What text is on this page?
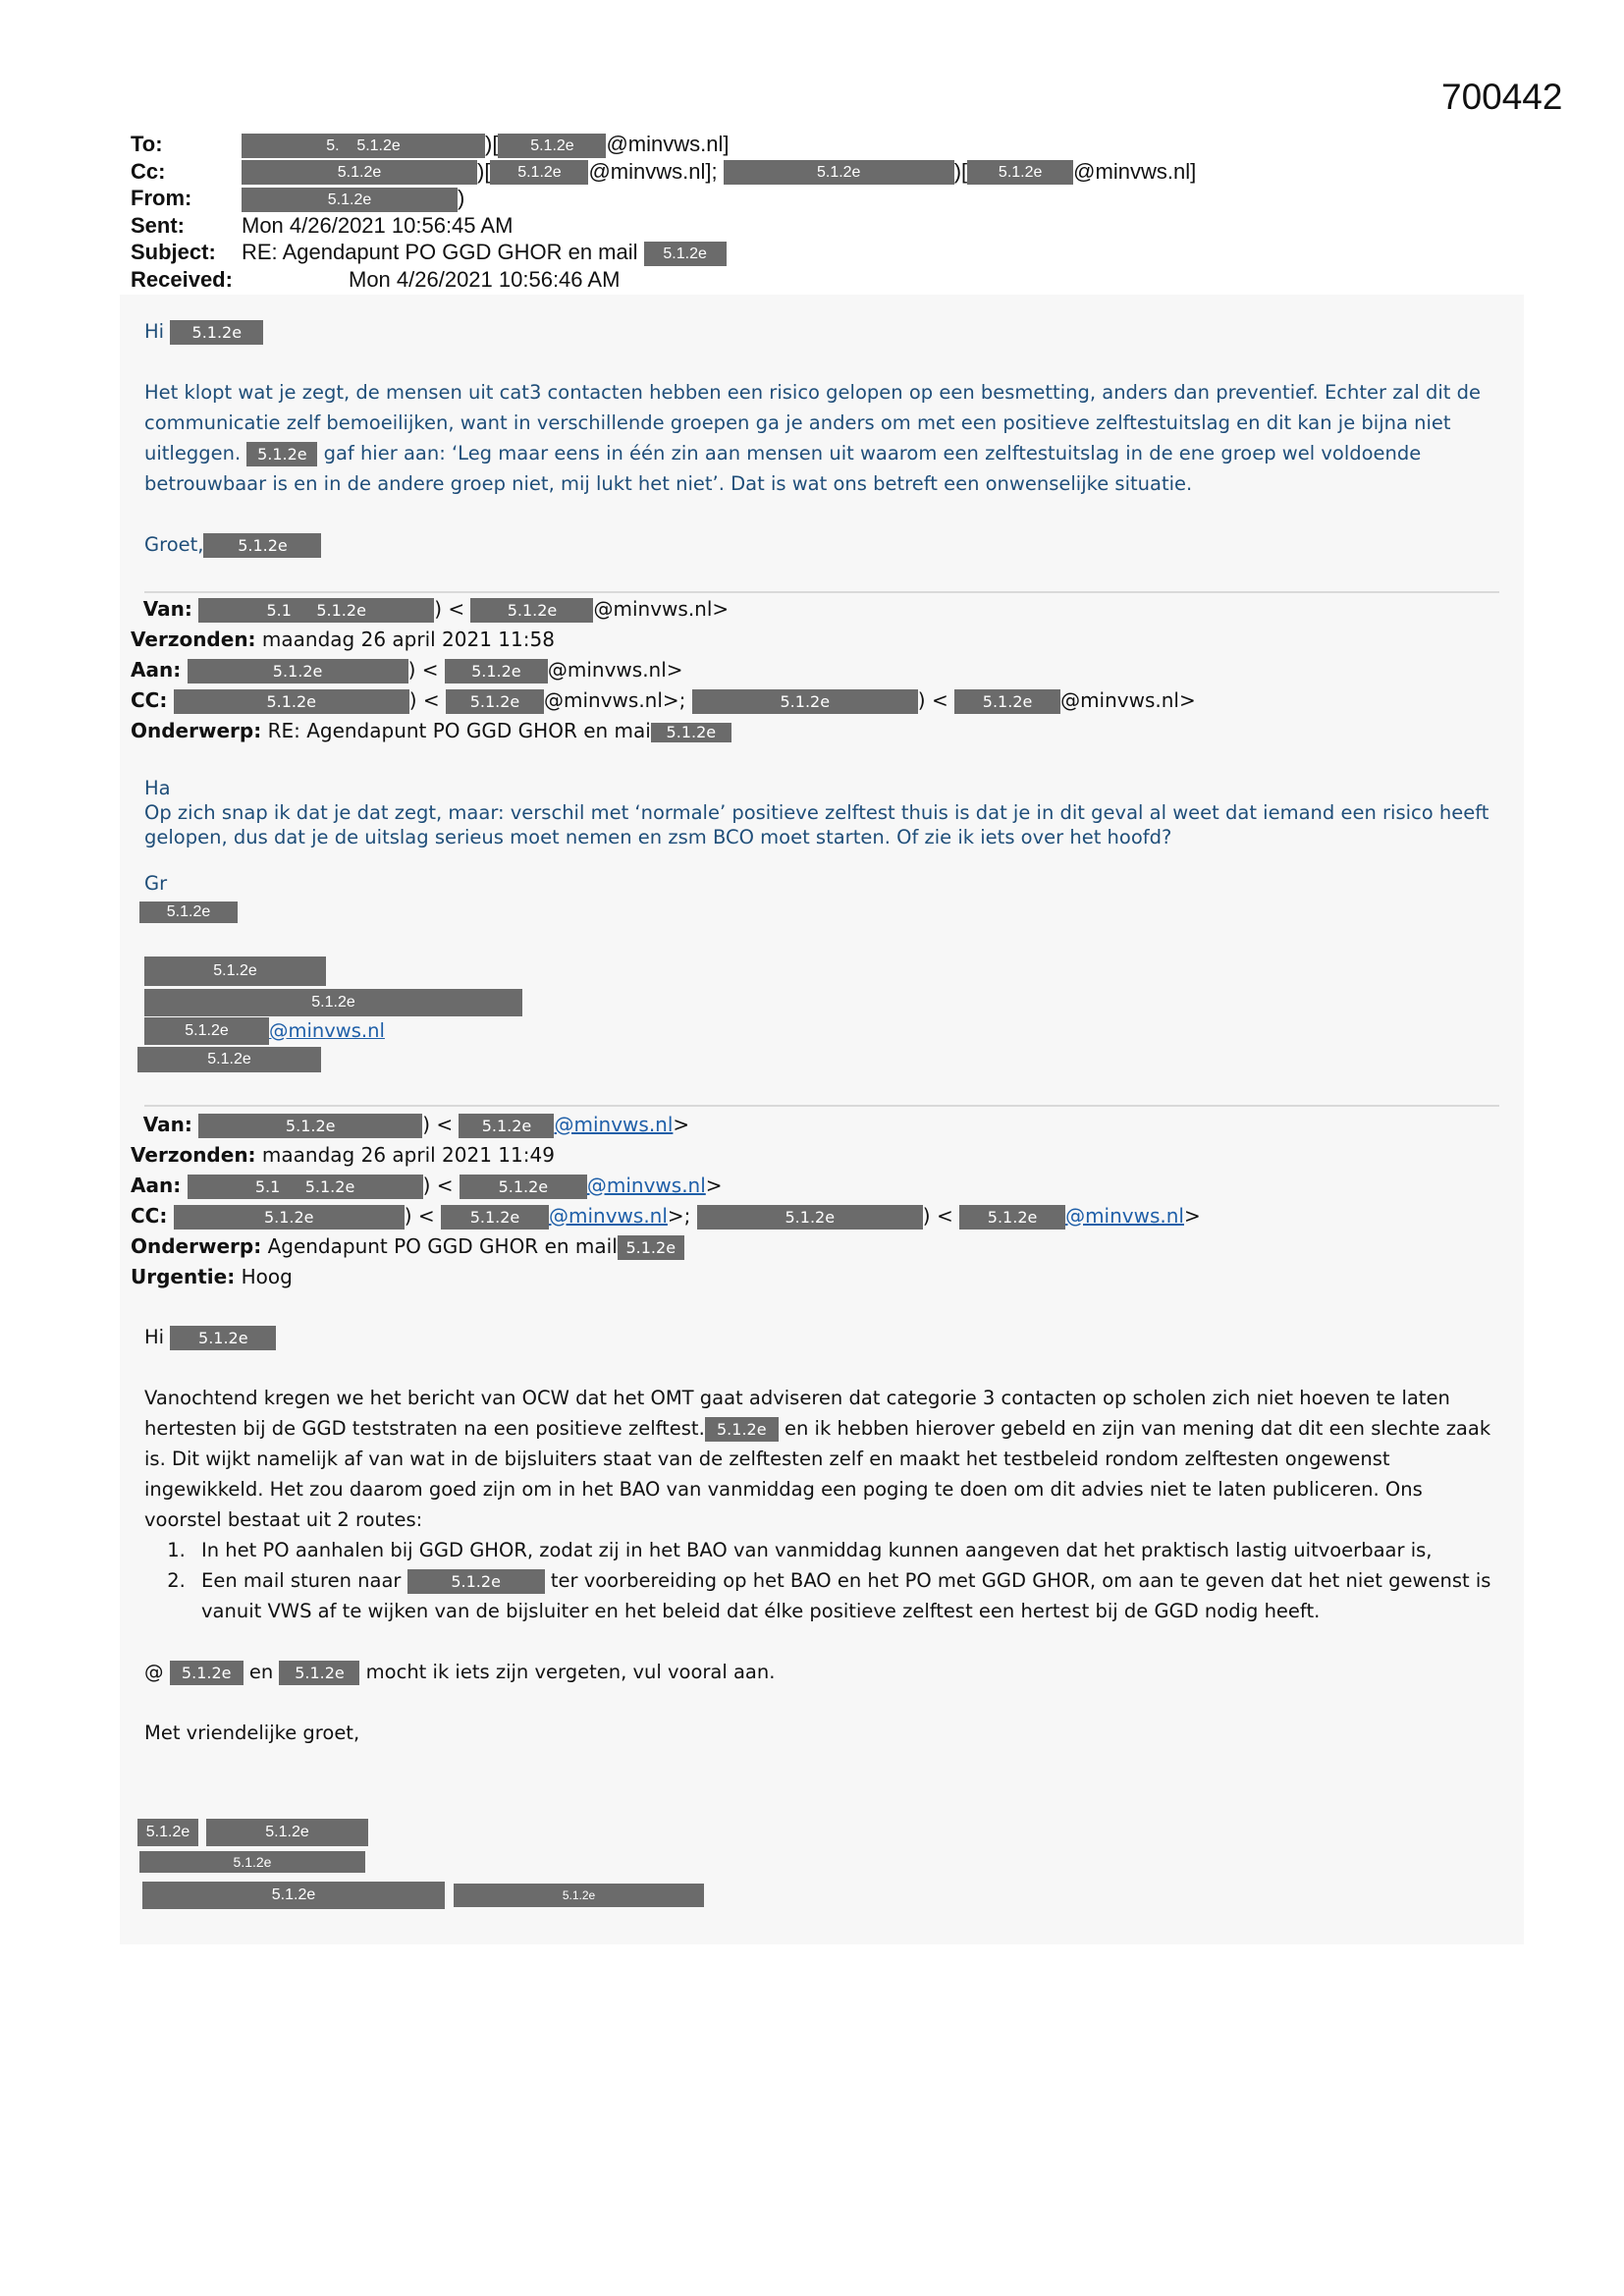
700442
To:	5. 5.1.2e	)[ 5.1.2e @minvws.nl]
Cc:	5.1.2e	)[ 5.1.2e @minvws.nl];	5.1.2e	)[ 5.1.2e @minvws.nl]
From:	5.1.2e	)
Sent:	Mon 4/26/2021 10:56:45 AM
Subject: RE: Agendapunt PO GGD GHOR en mail 5.1.2e
Received:	Mon 4/26/2021 10:56:46 AM
Hi 5.1.2e
Het klopt wat je zegt, de mensen uit cat3 contacten hebben een risico gelopen op een besmetting, anders dan preventief. Echter zal dit de communicatie zelf bemoeilijken, want in verschillende groepen ga je anders om met een positieve zelftestuitslag en dit kan je bijna niet uitleggen. 5.1.2e gaf hier aan: ‘Leg maar eens in één zin aan mensen uit waarom een zelftestuitslag in de ene groep wel voldoende betrouwbaar is en in de andere groep niet, mij lukt het niet’. Dat is wat ons betreft een onwenselijke situatie.
Groet, 5.1.2e
Van:	5.1 5.1.2e	) < 5.1.2e @minvws.nl>
Verzonden: maandag 26 april 2021 11:58
Aan:	5.1.2e	) < 5.1.2e @minvws.nl>
CC:	5.1.2e	) < 5.1.2e @minvws.nl>;	5.1.2e	) < 5.1.2e @minvws.nl>
Onderwerp: RE: Agendapunt PO GGD GHOR en mai 5.1.2e
Ha
Op zich snap ik dat je dat zegt, maar: verschil met ‘normale’ positieve zelftest thuis is dat je in dit geval al weet dat iemand een risico heeft gelopen, dus dat je de uitslag serieus moet nemen en zsm BCO moet starten. Of zie ik iets over het hoofd?
Gr
5.1.2e
5.1.2e
5.1.2e
5.1.2e	@minvws.nl
5.1.2e
Van:	5.1.2e	) < 5.1.2e @minvws.nl>
Verzonden: maandag 26 april 2021 11:49
Aan:	5.1 5.1.2e	) < 5.1.2e @minvws.nl>
CC:	5.1.2e	) < 5.1.2e @minvws.nl>;	5.1.2e	) < 5.1.2e @minvws.nl>
Onderwerp: Agendapunt PO GGD GHOR en mail 5.1.2e
Urgentie: Hoog
Hi 5.1.2e
Vanochtend kregen we het bericht van OCW dat het OMT gaat adviseren dat categorie 3 contacten op scholen zich niet hoeven te laten hertesten bij de GGD teststraten na een positieve zelftest. 5.1.2e en ik hebben hierover gebeld en zijn van mening dat dit een slechte zaak is. Dit wijkt namelijk af van wat in de bijsluiters staat van de zelftesten zelf en maakt het testbeleid rondom zelftesten ongewenst ingewikkeld. Het zou daarom goed zijn om in het BAO van vanmiddag een poging te doen om dit advies niet te laten publiceren. Ons voorstel bestaat uit 2 routes:
1. In het PO aanhalen bij GGD GHOR, zodat zij in het BAO van vanmiddag kunnen aangeven dat het praktisch lastig uitvoerbaar is,
2. Een mail sturen naar	5.1.2e	ter voorbereiding op het BAO en het PO met GGD GHOR, om aan te geven dat het niet gewenst is vanuit VWS af te wijken van de bijsluiter en het beleid dat élke positieve zelftest een hertest bij de GGD nodig heeft.
@ 5.1.2e en 5.1.2e mocht ik iets zijn vergeten, vul vooral aan.
Met vriendelijke groet,
5.1.2e	5.1.2e
5.1.2e
5.1.2e	5.1.2e
